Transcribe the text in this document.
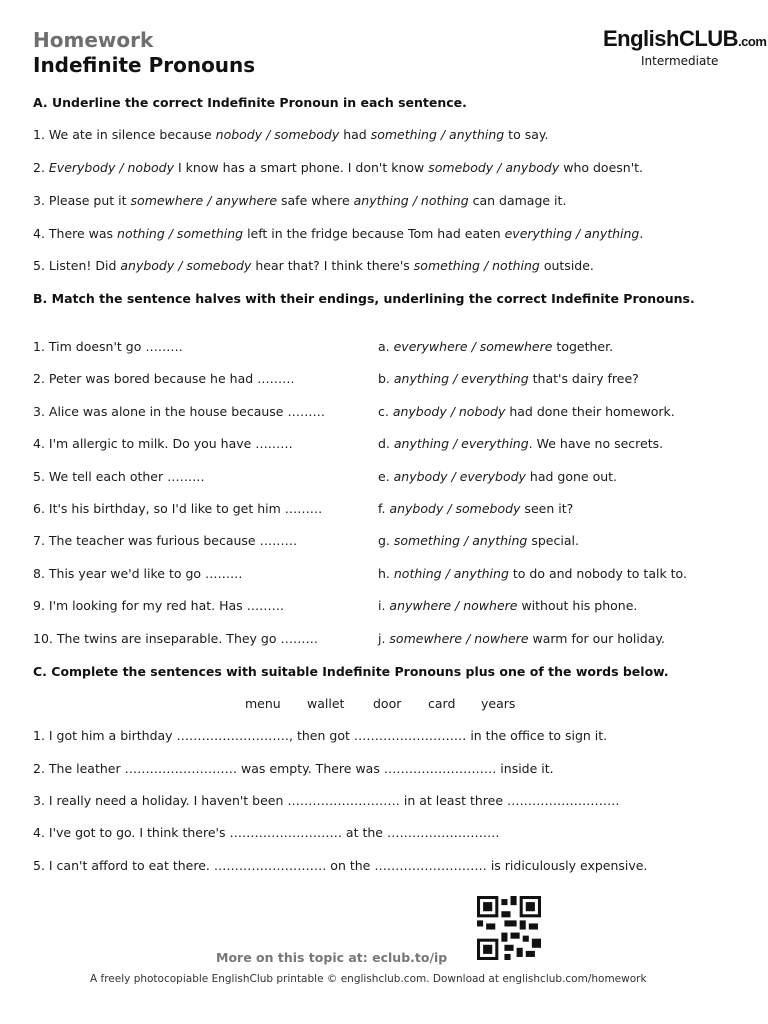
Homework
Indefinite Pronouns
EnglishCLUB.com
Intermediate
A. Underline the correct Indefinite Pronoun in each sentence.
1. We ate in silence because nobody / somebody had something / anything to say.
2. Everybody / nobody I know has a smart phone. I don't know somebody / anybody who doesn't.
3. Please put it somewhere / anywhere safe where anything / nothing can damage it.
4. There was nothing / something left in the fridge because Tom had eaten everything / anything.
5. Listen! Did anybody / somebody hear that? I think there's something / nothing outside.
B. Match the sentence halves with their endings, underlining the correct Indefinite Pronouns.
1. Tim doesn't go ………	a. everywhere / somewhere together.
2. Peter was bored because he had ………	b. anything / everything that's dairy free?
3. Alice was alone in the house because ………	c. anybody / nobody had done their homework.
4. I'm allergic to milk. Do you have ………	d. anything / everything. We have no secrets.
5. We tell each other ………	e. anybody / everybody had gone out.
6. It's his birthday, so I'd like to get him ………	f. anybody / somebody seen it?
7. The teacher was furious because ………	g. something / anything special.
8. This year we'd like to go ………	h. nothing / anything to do and nobody to talk to.
9. I'm looking for my red hat. Has ………	i. anywhere / nowhere without his phone.
10. The twins are inseparable. They go ………	j. somewhere / nowhere warm for our holiday.
C. Complete the sentences with suitable Indefinite Pronouns plus one of the words below.
menu wallet door card years
1. I got him a birthday ………………………, then got ……………………… in the office to sign it.
2. The leather ……………………… was empty. There was ……………………… inside it.
3. I really need a holiday. I haven't been ……………………… in at least three ………………………
4. I've got to go. I think there's ……………………… at the ………………………
5. I can't afford to eat there. ……………………… on the ……………………… is ridiculously expensive.
More on this topic at: eclub.to/ip
A freely photocopiable EnglishClub printable © englishclub.com. Download at englishclub.com/homework
